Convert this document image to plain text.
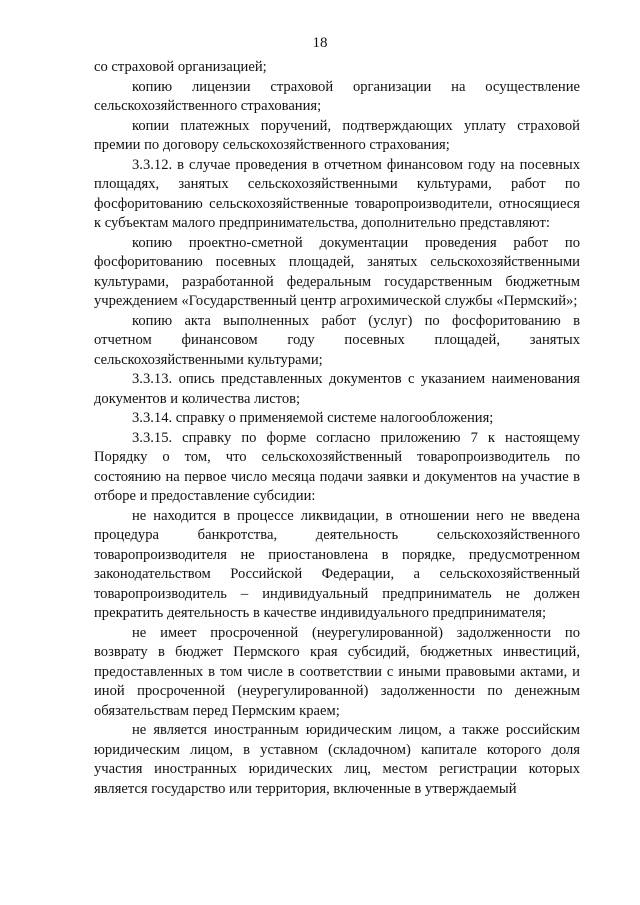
18

со страховой организацией;

копию лицензии страховой организации на осуществление сельскохозяйственного страхования;

копии платежных поручений, подтверждающих уплату страховой премии по договору сельскохозяйственного страхования;

3.3.12. в случае проведения в отчетном финансовом году на посевных площадях, занятых сельскохозяйственными культурами, работ по фосфоритованию сельскохозяйственные товаропроизводители, относящиеся к субъектам малого предпринимательства, дополнительно представляют:

копию проектно-сметной документации проведения работ по фосфоритованию посевных площадей, занятых сельскохозяйственными культурами, разработанной федеральным государственным бюджетным учреждением «Государственный центр агрохимической службы «Пермский»;

копию акта выполненных работ (услуг) по фосфоритованию в отчетном финансовом году посевных площадей, занятых сельскохозяйственными культурами;

3.3.13. опись представленных документов с указанием наименования документов и количества листов;

3.3.14. справку о применяемой системе налогообложения;

3.3.15. справку по форме согласно приложению 7 к настоящему Порядку о том, что сельскохозяйственный товаропроизводитель по состоянию на первое число месяца подачи заявки и документов на участие в отборе и предоставление субсидии:

не находится в процессе ликвидации, в отношении него не введена процедура банкротства, деятельность сельскохозяйственного товаропроизводителя не приостановлена в порядке, предусмотренном законодательством Российской Федерации, а сельскохозяйственный товаропроизводитель – индивидуальный предприниматель не должен прекратить деятельность в качестве индивидуального предпринимателя;

не имеет просроченной (неурегулированной) задолженности по возврату в бюджет Пермского края субсидий, бюджетных инвестиций, предоставленных в том числе в соответствии с иными правовыми актами, и иной просроченной (неурегулированной) задолженности по денежным обязательствам перед Пермским краем;

не является иностранным юридическим лицом, а также российским юридическим лицом, в уставном (складочном) капитале которого доля участия иностранных юридических лиц, местом регистрации которых является государство или территория, включенные в утверждаемый
